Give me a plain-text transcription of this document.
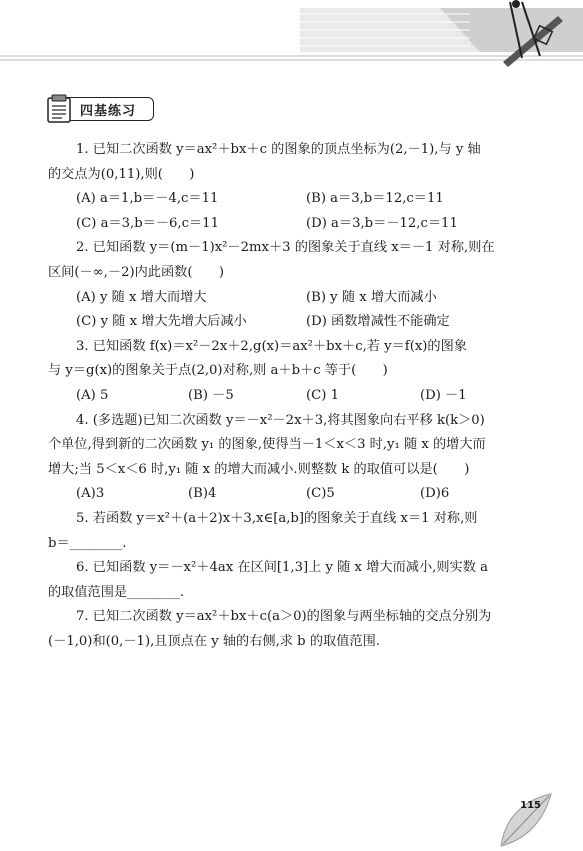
四基练习
1. 已知二次函数 y＝ax²＋bx＋c 的图象的顶点坐标为(2,－1),与 y 轴
的交点为(0,11),则(　　)
(A) a＝1,b＝－4,c＝11	(B) a＝3,b＝12,c＝11
(C) a＝3,b＝－6,c＝11	(D) a＝3,b＝－12,c＝11
2. 已知函数 y＝(m－1)x²－2mx＋3 的图象关于直线 x＝－1 对称,则在
区间(－∞,－2)内此函数(　　)
(A) y 随 x 增大而增大	(B) y 随 x 增大而减小
(C) y 随 x 增大先增大后减小	(D) 函数增减性不能确定
3. 已知函数 f(x)＝x²－2x＋2,g(x)＝ax²＋bx＋c,若 y＝f(x)的图象
与 y＝g(x)的图象关于点(2,0)对称,则 a＋b＋c 等于(　　)
(A) 5	(B) －5	(C) 1	(D) －1
4. (多选题)已知二次函数 y＝－x²－2x＋3,将其图象向右平移 k(k＞0)
个单位,得到新的二次函数 y₁ 的图象,使得当－1＜x＜3 时,y₁ 随 x 的增大而
增大;当 5＜x＜6 时,y₁ 随 x 的增大而减小.则整数 k 的取值可以是(　　)
(A)3	(B)4	(C)5	(D)6
5. 若函数 y＝x²＋(a＋2)x＋3,x∈[a,b]的图象关于直线 x＝1 对称,则
b＝________.
6. 已知函数 y＝－x²＋4ax 在区间[1,3]上 y 随 x 增大而减小,则实数 a
的取值范围是________.
7. 已知二次函数 y＝ax²＋bx＋c(a＞0)的图象与两坐标轴的交点分别为
(－1,0)和(0,－1),且顶点在 y 轴的右侧,求 b 的取值范围.
115
